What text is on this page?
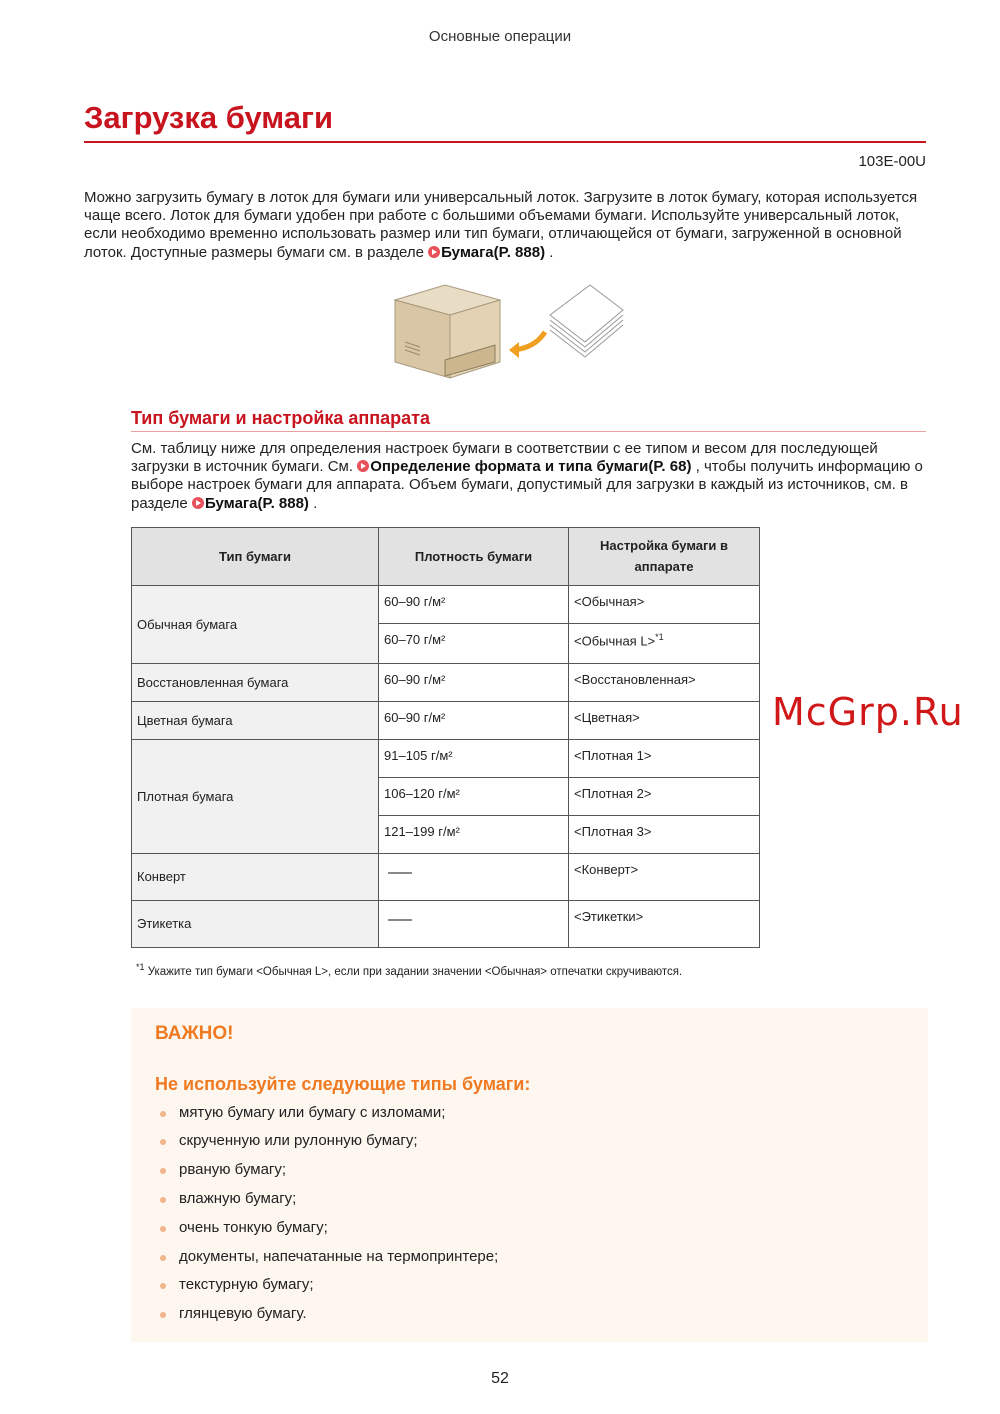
Основные операции
Загрузка бумаги
103E-00U
Можно загрузить бумагу в лоток для бумаги или универсальный лоток. Загрузите в лоток бумагу, которая используется чаще всего. Лоток для бумаги удобен при работе с большими объемами бумаги. Используйте универсальный лоток, если необходимо временно использовать размер или тип бумаги, отличающейся от бумаги, загруженной в основной лоток. Доступные размеры бумаги см. в разделе Бумага(P. 888) .
Тип бумаги и настройка аппарата
См. таблицу ниже для определения настроек бумаги в соответствии с ее типом и весом для последующей загрузки в источник бумаги. См. Определение формата и типа бумаги(P. 68) , чтобы получить информацию о выборе настроек бумаги для аппарата. Объем бумаги, допустимый для загрузки в каждый из источников, см. в разделе Бумага(P. 888) .
Тип бумаги	Плотность бумаги	Настройка бумаги в аппарате
Обычная бумага	60–90 г/м²	<Обычная>
	60–70 г/м²	<Обычная L>$^{*1}$
Восстановленная бумага	60–90 г/м²	<Восстановленная>
Цветная бумага	60–90 г/м²	<Цветная>
Плотная бумага	91–105 г/м²	<Плотная 1>
	106–120 г/м²	<Плотная 2>
	121–199 г/м²	<Плотная 3>
Конверт		<Конверт>
Этикетка		<Этикетки>
$^{*1}$ Укажите тип бумаги <Обычная L>, если при задании значении <Обычная> отпечатки скручиваются.
ВАЖНО!
Не используйте следующие типы бумаги:
мятую бумагу или бумагу с изломами;
скрученную или рулонную бумагу;
рваную бумагу;
влажную бумагу;
очень тонкую бумагу;
документы, напечатанные на термопринтере;
текстурную бумагу;
глянцевую бумагу.
McGrp.Ru
52
